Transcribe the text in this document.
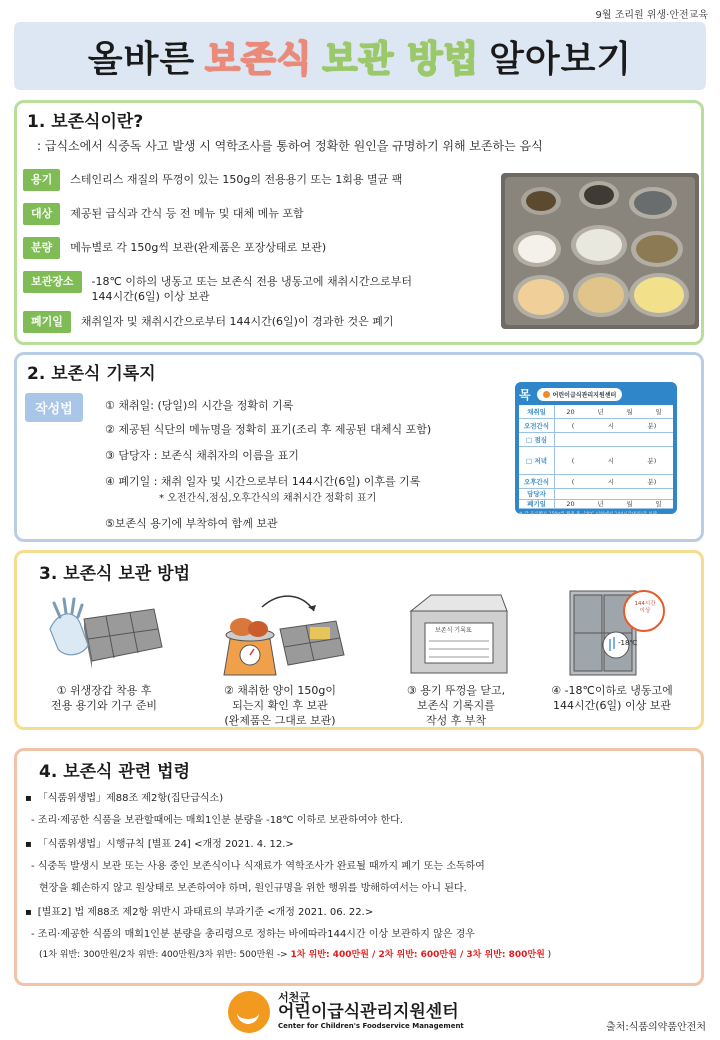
9월 조리원 위생·안전교육
올바른 보존식 보관 방법 알아보기
1. 보존식이란?
: 급식소에서 식중독 사고 발생 시 역학조사를 통하여 정확한 원인을 규명하기 위해 보존하는 음식
용기	스테인리스 재질의 뚜껑이 있는 150g의 전용용기 또는 1회용 멸균 팩
대상	제공된 급식과 간식 등 전 메뉴 및 대체 메뉴 포함
분량	메뉴별로 각 150g씩 보관(완제품은 포장상태로 보관)
보관장소	-18℃ 이하의 냉동고 또는 보존식 전용 냉동고에 채취시간으로부터
144시간(6일) 이상 보관
폐기일	채취일자 및 채취시간으로부터 144시간(6일)이 경과한 것은 폐기
2. 보존식 기록지
작성법	① 채취일: (당일)의 시간을 정확히 기록
② 제공된 식단의 메뉴명을 정확히 표기(조리 후 제공된 대체식 포함)
③ 담당자 : 보존식 채취자의 이름을 표기
④ 폐기일 : 채취 일자 및 시간으로부터 144시간(6일) 이후를 기록
* 오전간식,점심,오후간식의 채취시간 정확히 표기
⑤보존식 용기에 부착하여 함께 보관
목	어린이급식관리지원센터
채취일	20	년	월	일
오전간식	(	시	분)
□ 점심
□ 저녁	(	시	분)
오후간식	(	시	분)
담당자
폐기일	20	년	월	일
※ 각 음식별로 150g씩 채취 후 -18℃ 이하에서 144시간(6일)간 보관
3. 보존식 보관 방법
① 위생장갑 착용 후
전용 용기와 기구 준비
② 채취한 양이 150g이
되는지 확인 후 보관
(완제품은 그대로 보관)
보존식 기록표
③ 용기 뚜껑을 닫고,
보존식 기록지를
작성 후 부착
-18℃
144시간 이상
④ -18℃이하로 냉동고에
144시간(6일) 이상 보관
4. 보존식 관련 법령
▪ 「식품위생법」제88조 제2항(집단급식소)
- 조리·제공한 식품을 보관할때에는 매회1인분 분량을 -18℃ 이하로 보관하여야 한다.
▪ 「식품위생법」시행규칙 [별표 24] <개정 2021. 4. 12.>
- 식중독 발생시 보관 또는 사용 중인 보존식이나 식재료가 역학조사가 완료될 때까지 폐기 또는 소독하여
현장을 훼손하지 않고 원상태로 보존하여야 하며, 원인규명을 위한 행위를 방해하여서는 아니 된다.
▪ [별표2] 법 제88조 제2항 위반시 과태료의 부과기준 <개정 2021. 06. 22.>
- 조리·제공한 식품의 매회1인분 분량을 총리령으로 정하는 바에따라144시간 이상 보관하지 않은 경우
(1차 위반: 300만원/2차 위반: 400만원/3차 위반: 500만원 -> 1차 위반: 400만원 / 2차 위반: 600만원 / 3차 위반: 800만원 )
서천군
어린이급식관리지원센터
Center for Children's Foodservice Management	출처:식품의약품안전처
